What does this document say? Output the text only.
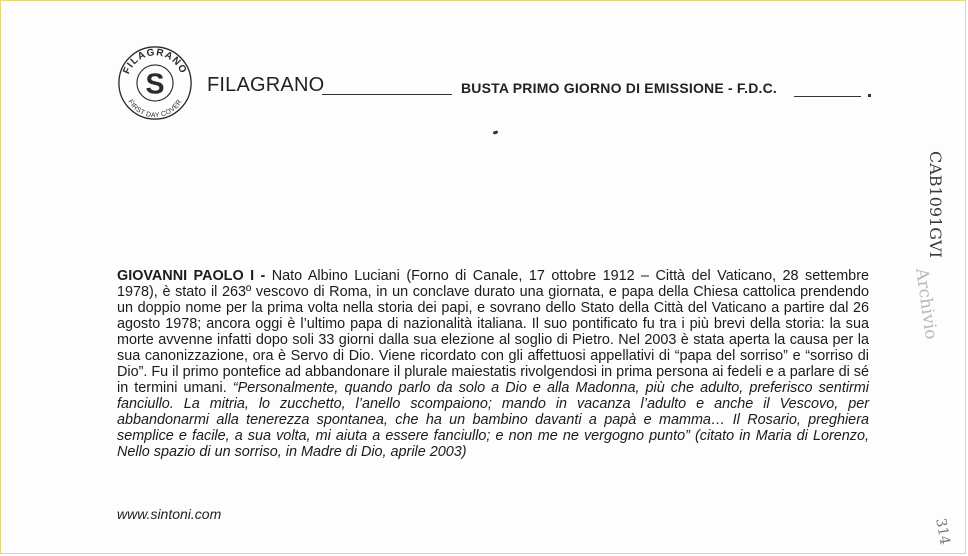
FILAGRANO
FIRST DAY COVER
S FILAGRANO	BUSTA PRIMO GIORNO DI EMISSIONE - F.D.C.
CAB1091GVI
Archivio
314
GIOVANNI PAOLO I - Nato Albino Luciani (Forno di Canale, 17 ottobre 1912 – Città del Vaticano, 28 settembre 1978), è stato il 263º vescovo di Roma, in un conclave durato una giornata, e papa della Chiesa cattolica prendendo un doppio nome per la prima volta nella storia dei papi, e sovrano dello Stato della Città del Vaticano a partire dal 26 agosto 1978; ancora oggi è l’ultimo papa di nazionalità italiana. Il suo pontificato fu tra i più brevi della storia: la sua morte avvenne infatti dopo soli 33 giorni dalla sua elezione al soglio di Pietro. Nel 2003 è stata aperta la causa per la sua canonizzazione, ora è Servo di Dio. Viene ricordato con gli affettuosi appellativi di “papa del sorriso” e “sorriso di Dio”. Fu il primo pontefice ad abbandonare il plurale maiestatis rivolgendosi in prima persona ai fedeli e a parlare di sé in termini umani. “Personalmente, quando parlo da solo a Dio e alla Madonna, più che adulto, preferisco sentirmi fanciullo. La mitria, lo zucchetto, l’anello scompaiono; mando in vacanza l’adulto e anche il Vescovo, per abbandonarmi alla tenerezza spontanea, che ha un bambino davanti a papà e mamma… Il Rosario, preghiera semplice e facile, a sua volta, mi aiuta a essere fanciullo; e non me ne vergogno punto” (citato in Maria di Lorenzo, Nello spazio di un sorriso, in Madre di Dio, aprile 2003)
www.sintoni.com
